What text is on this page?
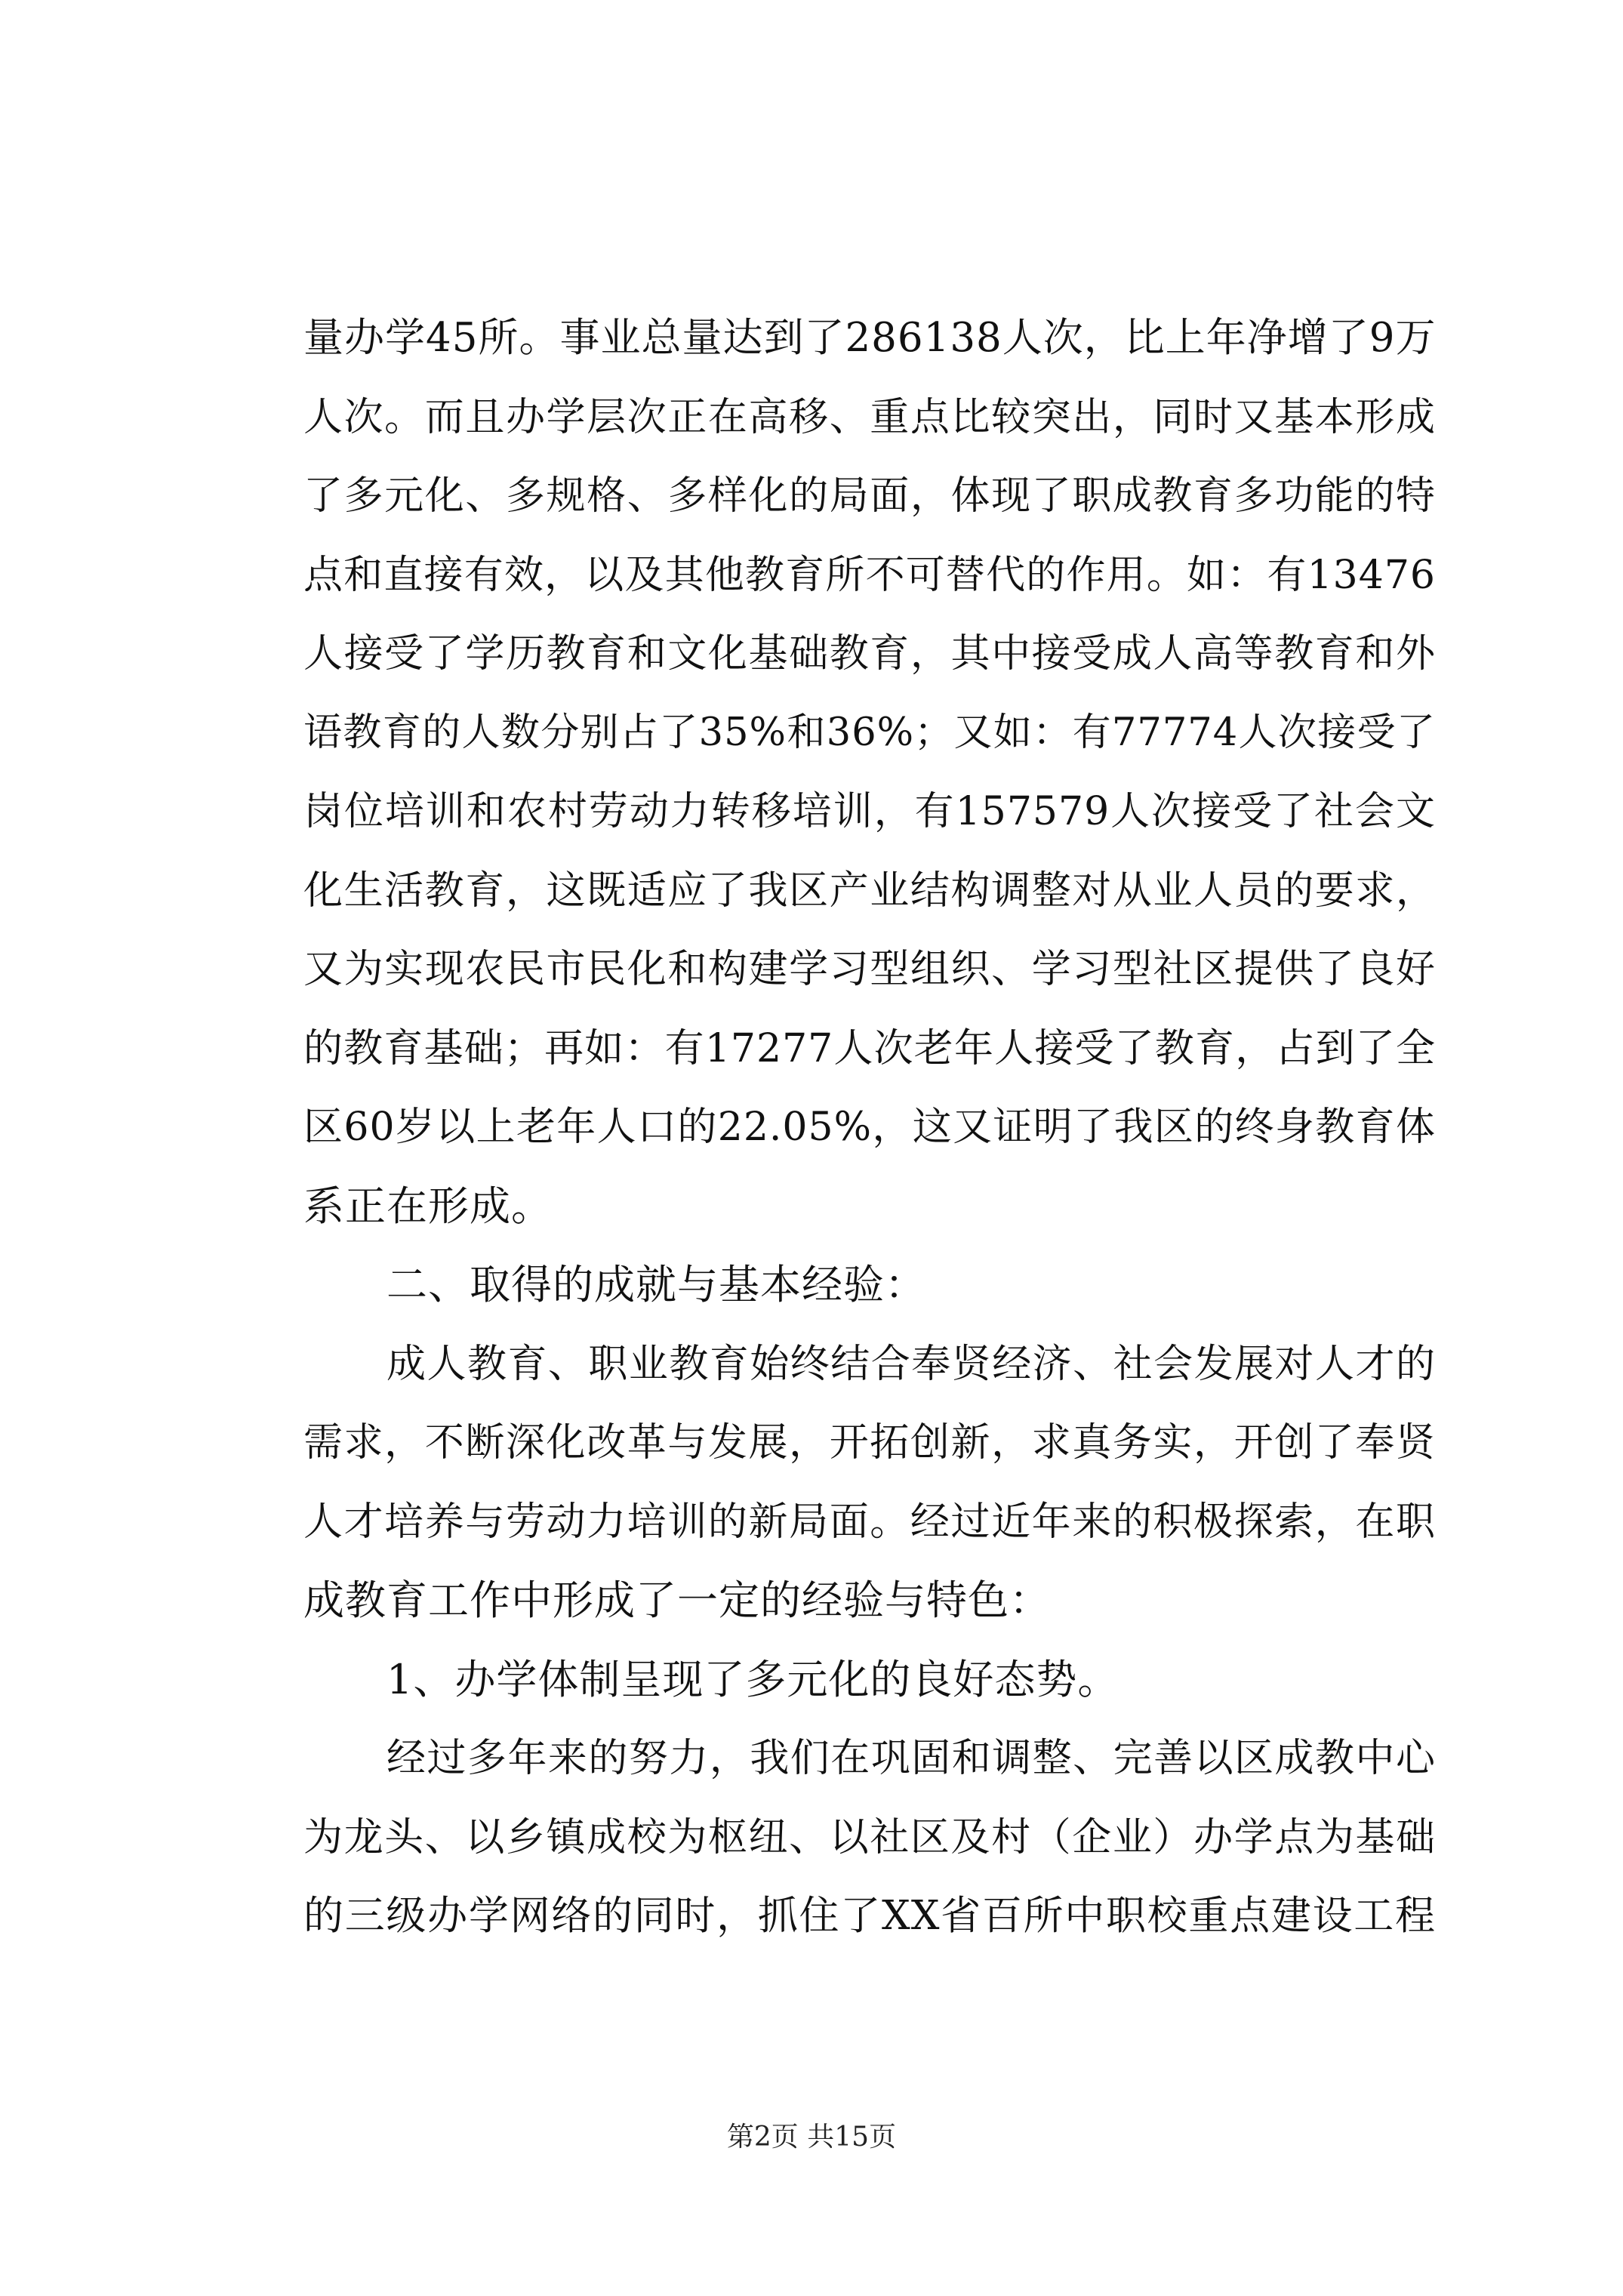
量办学45所。事业总量达到了286138人次，比上年净增了9万
人次。而且办学层次正在高移、重点比较突出，同时又基本形成
了多元化、多规格、多样化的局面，体现了职成教育多功能的特
点和直接有效，以及其他教育所不可替代的作用。如：有13476
人接受了学历教育和文化基础教育，其中接受成人高等教育和外
语教育的人数分别占了35%和36%；又如：有77774人次接受了
岗位培训和农村劳动力转移培训，有157579人次接受了社会文
化生活教育，这既适应了我区产业结构调整对从业人员的要求，
又为实现农民市民化和构建学习型组织、学习型社区提供了良好
的教育基础；再如：有17277人次老年人接受了教育，占到了全
区60岁以上老年人口的22.05%，这又证明了我区的终身教育体
系正在形成。
二、取得的成就与基本经验：
成人教育、职业教育始终结合奉贤经济、社会发展对人才的
需求，不断深化改革与发展，开拓创新，求真务实，开创了奉贤
人才培养与劳动力培训的新局面。经过近年来的积极探索，在职
成教育工作中形成了一定的经验与特色：
1、办学体制呈现了多元化的良好态势。
经过多年来的努力，我们在巩固和调整、完善以区成教中心
为龙头、以乡镇成校为枢纽、以社区及村（企业）办学点为基础
的三级办学网络的同时，抓住了XX省百所中职校重点建设工程
第2页 共15页
